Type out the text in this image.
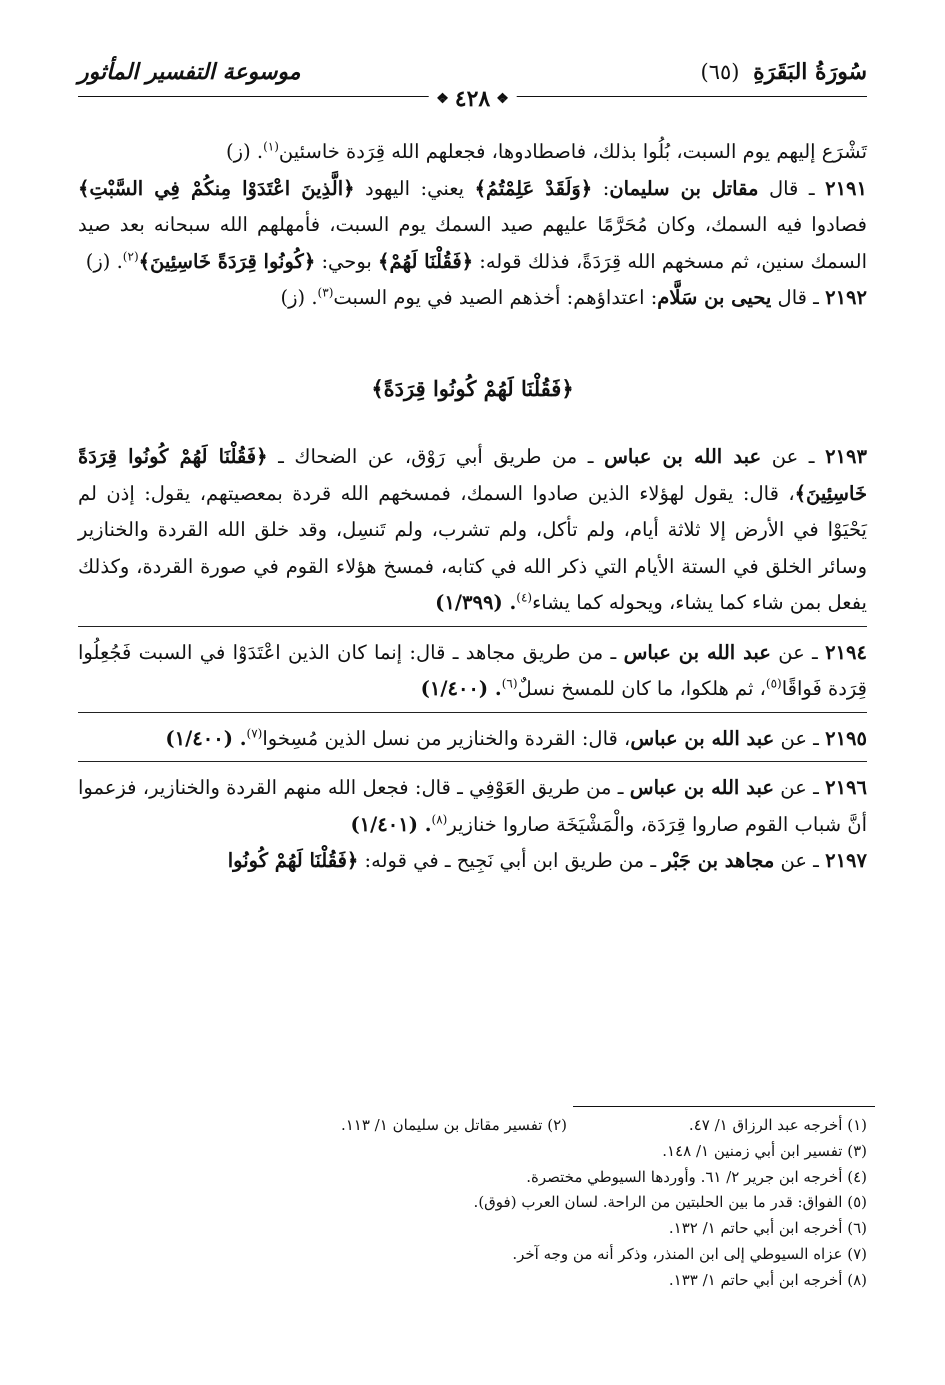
سُورَةُ البَقَرَةِ (٦٥)
موسوعة التفسير المأثور
❖
٤٢٨
❖

تَشْرَع إليهم يوم السبت، بُلُوا بذلك، فاصطادوها، فجعلهم الله قِرَدة خاسئين$^{(١)}$. (ز)

٢١٩١ ـ قال مقاتل بن سليمان: ﴿وَلَقَدْ عَلِمْتُمُ﴾ يعني: اليهود ﴿الَّذِينَ اعْتَدَوْا مِنكُمْ فِي السَّبْتِ﴾ فصادوا فيه السمك، وكان مُحَرَّمًا عليهم صيد السمك يوم السبت، فأمهلهم الله سبحانه بعد صيد السمك سنين، ثم مسخهم الله قِرَدَةً، فذلك قوله: ﴿فَقُلْنَا لَهُمْ﴾ بوحي: ﴿كُونُوا قِرَدَةً خَاسِئِينَ﴾$^{(٢)}$. (ز)

٢١٩٢ ـ قال يحيى بن سَلَّام: اعتداؤهم: أخذهم الصيد في يوم السبت$^{(٣)}$. (ز)

﴿فَقُلْنَا لَهُمْ كُونُوا قِرَدَةً﴾

٢١٩٣ ـ عن عبد الله بن عباس ـ من طريق أبي رَوْق، عن الضحاك ـ ﴿فَقُلْنَا لَهُمْ كُونُوا قِرَدَةً خَاسِئِينَ﴾، قال: يقول لهؤلاء الذين صادوا السمك، فمسخهم الله قردة بمعصيتهم، يقول: إذن لم يَحْيَوْا في الأرض إلا ثلاثة أيام، ولم تأكل، ولم تشرب، ولم تَنسِل، وقد خلق الله القردة والخنازير وسائر الخلق في الستة الأيام التي ذكر الله في كتابه، فمسخ هؤلاء القوم في صورة القردة، وكذلك يفعل بمن شاء كما يشاء، ويحوله كما يشاء$^{(٤)}$. (١/٣٩٩)

٢١٩٤ ـ عن عبد الله بن عباس ـ من طريق مجاهد ـ قال: إنما كان الذين اعْتَدَوْا في السبت فَجُعِلُوا قِرَدة فَواقًا$^{(٥)}$، ثم هلكوا، ما كان للمسخ نسلٌ$^{(٦)}$. (١/٤٠٠)

٢١٩٥ ـ عن عبد الله بن عباس، قال: القردة والخنازير من نسل الذين مُسِخوا$^{(٧)}$. (١/٤٠٠)

٢١٩٦ ـ عن عبد الله بن عباس ـ من طريق العَوْفِي ـ قال: فجعل الله منهم القردة والخنازير، فزعموا أنَّ شباب القوم صاروا قِرَدَة، والْمَشْيَخَة صاروا خنازير$^{(٨)}$. (١/٤٠١)

٢١٩٧ ـ عن مجاهد بن جَبْر ـ من طريق ابن أبي نَجِيح ـ في قوله: ﴿فَقُلْنَا لَهُمْ كُونُوا

(١) أخرجه عبد الرزاق ١/ ٤٧.
(٢) تفسير مقاتل بن سليمان ١/ ١١٣.
(٣) تفسير ابن أبي زمنين ١/ ١٤٨.
(٤) أخرجه ابن جرير ٢/ ٦١. وأوردها السيوطي مختصرة.
(٥) الفواق: قدر ما بين الحلبتين من الراحة. لسان العرب (فوق).
(٦) أخرجه ابن أبي حاتم ١/ ١٣٢.
(٧) عزاه السيوطي إلى ابن المنذر، وذكر أنه من وجه آخر.
(٨) أخرجه ابن أبي حاتم ١/ ١٣٣.
